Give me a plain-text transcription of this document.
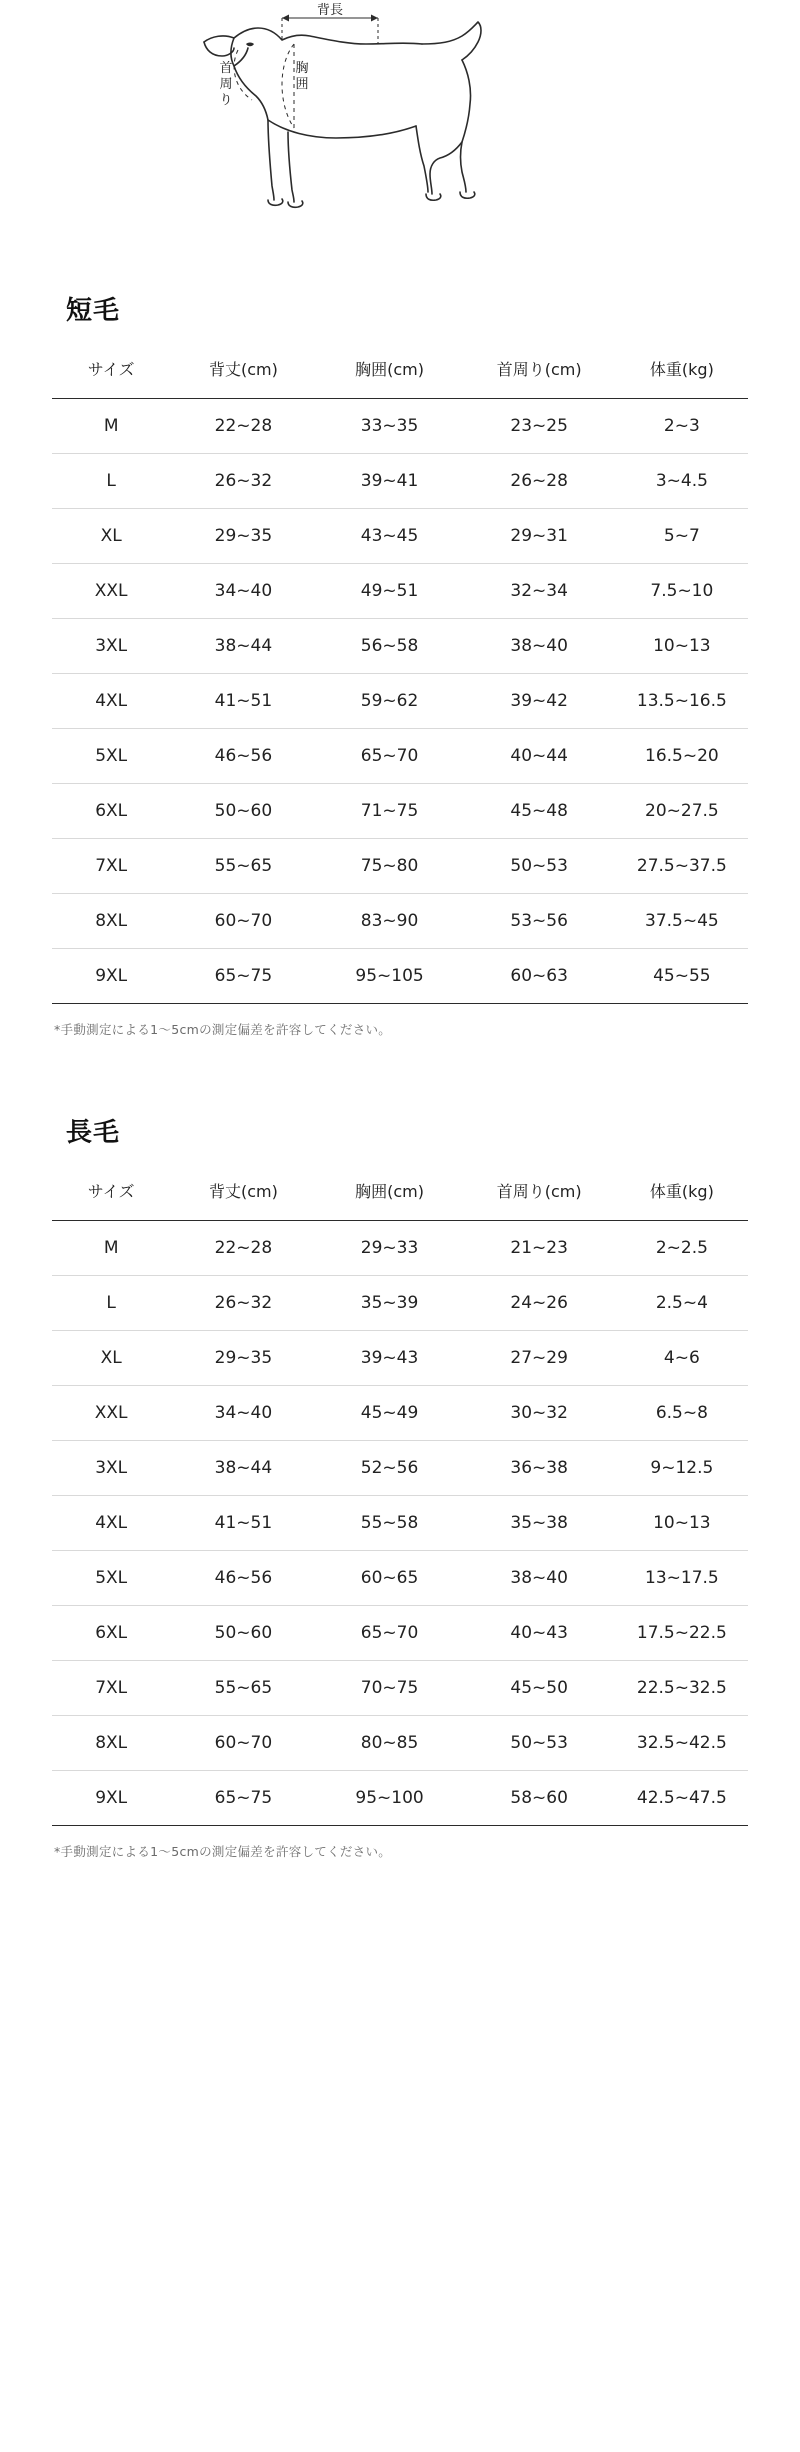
背長
胸
囲
首
周
り
短毛
サイズ	背丈(cm)	胸囲(cm)	首周り(cm)	体重(kg)
M	22~28	33~35	23~25	2~3
L	26~32	39~41	26~28	3~4.5
XL	29~35	43~45	29~31	5~7
XXL	34~40	49~51	32~34	7.5~10
3XL	38~44	56~58	38~40	10~13
4XL	41~51	59~62	39~42	13.5~16.5
5XL	46~56	65~70	40~44	16.5~20
6XL	50~60	71~75	45~48	20~27.5
7XL	55~65	75~80	50~53	27.5~37.5
8XL	60~70	83~90	53~56	37.5~45
9XL	65~75	95~105	60~63	45~55

*手動測定による1〜5cmの測定偏差を許容してください。

長毛
サイズ	背丈(cm)	胸囲(cm)	首周り(cm)	体重(kg)
M	22~28	29~33	21~23	2~2.5
L	26~32	35~39	24~26	2.5~4
XL	29~35	39~43	27~29	4~6
XXL	34~40	45~49	30~32	6.5~8
3XL	38~44	52~56	36~38	9~12.5
4XL	41~51	55~58	35~38	10~13
5XL	46~56	60~65	38~40	13~17.5
6XL	50~60	65~70	40~43	17.5~22.5
7XL	55~65	70~75	45~50	22.5~32.5
8XL	60~70	80~85	50~53	32.5~42.5
9XL	65~75	95~100	58~60	42.5~47.5

*手動測定による1〜5cmの測定偏差を許容してください。
